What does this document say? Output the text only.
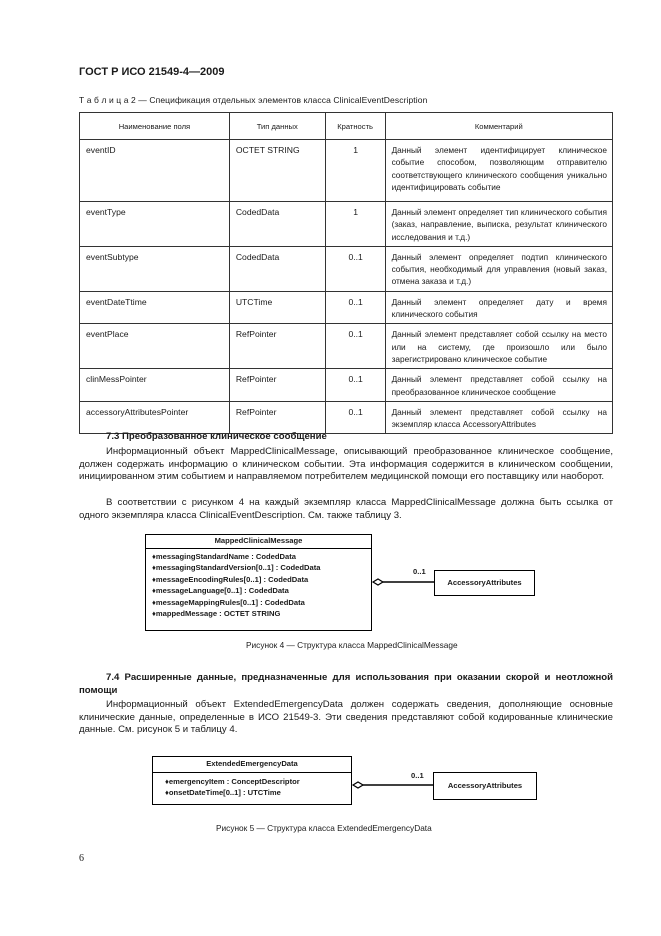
ГОСТ Р ИСО 21549-4—2009
Т а б л и ц а 2 — Спецификация отдельных элементов класса ClinicalEventDescription
Наименование поля	Тип данных	Кратность	Комментарий
eventID	OCTET STRING	1	Данный элемент идентифицирует клиническое событие способом, позволяющим отправителю соответствующего клинического сообщения уникально идентифицировать событие
eventType	CodedData	1	Данный элемент определяет тип клинического события (заказ, направление, выписка, результат клинического исследования и т.д.)
eventSubtype	CodedData	0..1	Данный элемент определяет подтип клинического события, необходимый для управления (новый заказ, отмена заказа и т.д.)
eventDateTtime	UTCTime	0..1	Данный элемент определяет дату и время клинического события
eventPlace	RefPointer	0..1	Данный элемент представляет собой ссылку на место или на систему, где произошло или было зарегистрировано клиническое событие
clinMessPointer	RefPointer	0..1	Данный элемент представляет собой ссылку на преобразованное клиническое сообщение
accessoryAttributesPointer	RefPointer	0..1	Данный элемент представляет собой ссылку на экземпляр класса AccessoryAttributes
7.3 Преобразованное клиническое сообщение
Информационный объект MappedClinicalMessage, описывающий преобразованное клиническое сообщение, должен содержать информацию о клиническом событии. Эта информация содержится в клиническом сообщении, инициированном этим событием и направляемом потребителем медицинской помощи его поставщику или наоборот.
В соответствии с рисунком 4 на каждый экземпляр класса MappedClinicalMessage должна быть ссылка от одного экземпляра класса ClinicalEventDescription. См. также таблицу 3.
MappedClinicalMessage
♦messagingStandardName : CodedData
♦messagingStandardVersion[0..1] : CodedData
♦messageEncodingRules[0..1] : CodedData
♦messageLanguage[0..1] : CodedData
♦messageMappingRules[0..1] : CodedData
♦mappedMessage : OCTET STRING
0..1
AccessoryAttributes
Рисунок 4 — Структура класса MappedClinicalMessage
7.4 Расширенные данные, предназначенные для использования при оказании скорой и неотложной помощи
Информационный объект ExtendedEmergencyData должен содержать сведения, дополняющие основные клинические данные, определенные в ИСО 21549-3. Эти сведения представляют собой кодированные клинические данные. См. рисунок 5 и таблицу 4.
ExtendedEmergencyData
♦emergencyItem : ConceptDescriptor
♦onsetDateTime[0..1] : UTCTime
0..1
AccessoryAttributes
Рисунок 5 — Структура класса ExtendedEmergencyData
6
